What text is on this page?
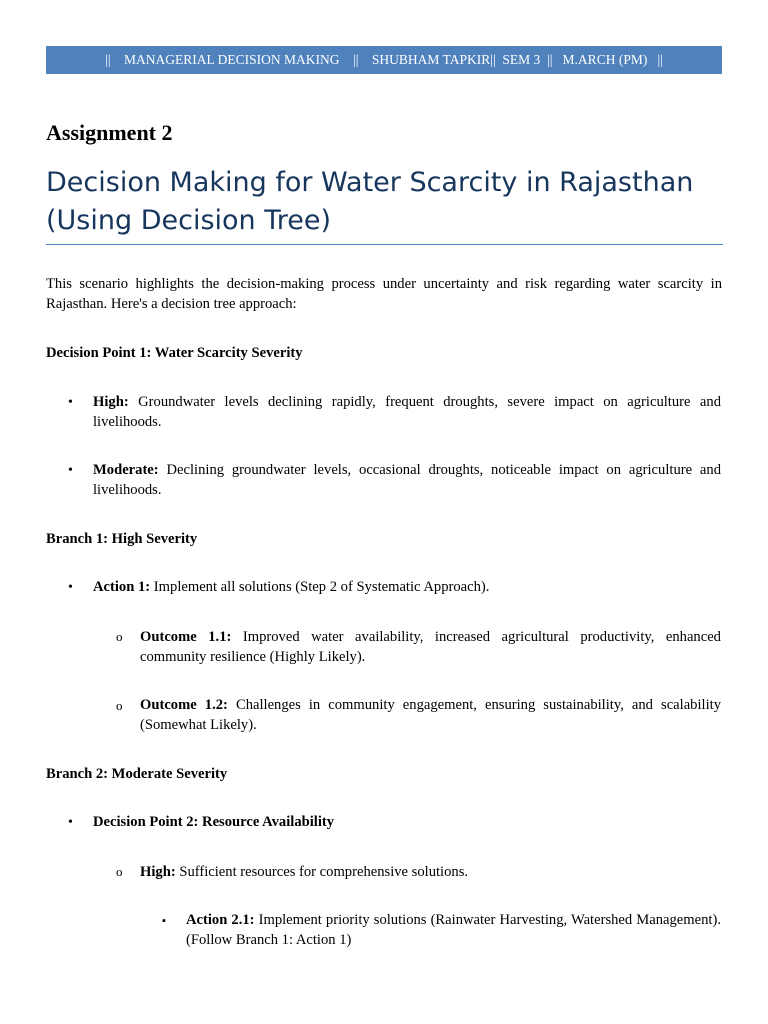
||    MANAGERIAL DECISION MAKING    ||    SHUBHAM TAPKIR||  SEM 3  ||   M.ARCH (PM)   ||
Assignment 2
Decision Making for Water Scarcity in Rajasthan
(Using Decision Tree)
This scenario highlights the decision-making process under uncertainty and risk regarding water scarcity in Rajasthan. Here's a decision tree approach:
Decision Point 1: Water Scarcity Severity
• High: Groundwater levels declining rapidly, frequent droughts, severe impact on agriculture and livelihoods.
• Moderate: Declining groundwater levels, occasional droughts, noticeable impact on agriculture and livelihoods.
Branch 1: High Severity
• Action 1: Implement all solutions (Step 2 of Systematic Approach).
o Outcome 1.1: Improved water availability, increased agricultural productivity, enhanced community resilience (Highly Likely).
o Outcome 1.2: Challenges in community engagement, ensuring sustainability, and scalability (Somewhat Likely).
Branch 2: Moderate Severity
• Decision Point 2: Resource Availability
o High: Sufficient resources for comprehensive solutions.
▪ Action 2.1: Implement priority solutions (Rainwater Harvesting, Watershed Management). (Follow Branch 1: Action 1)
